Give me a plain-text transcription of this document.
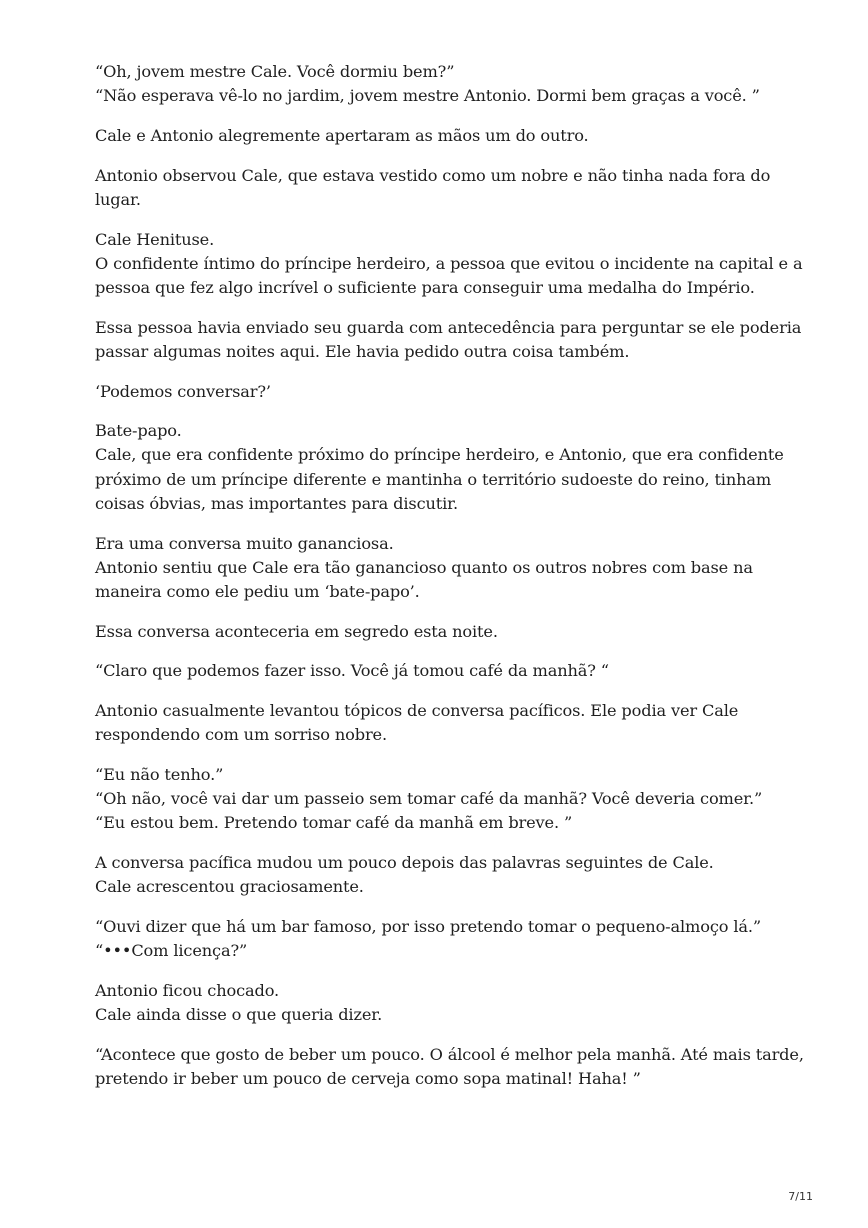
“Oh, jovem mestre Cale. Você dormiu bem?”
“Não esperava vê-lo no jardim, jovem mestre Antonio. Dormi bem graças a você. ”

Cale e Antonio alegremente apertaram as mãos um do outro.

Antonio observou Cale, que estava vestido como um nobre e não tinha nada fora do
lugar.

Cale Henituse.
O confidente íntimo do príncipe herdeiro, a pessoa que evitou o incidente na capital e a
pessoa que fez algo incrível o suficiente para conseguir uma medalha do Império.

Essa pessoa havia enviado seu guarda com antecedência para perguntar se ele poderia
passar algumas noites aqui. Ele havia pedido outra coisa também.

‘Podemos conversar?’

Bate-papo.
Cale, que era confidente próximo do príncipe herdeiro, e Antonio, que era confidente
próximo de um príncipe diferente e mantinha o território sudoeste do reino, tinham
coisas óbvias, mas importantes para discutir.

Era uma conversa muito gananciosa.
Antonio sentiu que Cale era tão ganancioso quanto os outros nobres com base na
maneira como ele pediu um ‘bate-papo’.

Essa conversa aconteceria em segredo esta noite.

“Claro que podemos fazer isso. Você já tomou café da manhã? “

Antonio casualmente levantou tópicos de conversa pacíficos. Ele podia ver Cale
respondendo com um sorriso nobre.

“Eu não tenho.”
“Oh não, você vai dar um passeio sem tomar café da manhã? Você deveria comer.”
“Eu estou bem. Pretendo tomar café da manhã em breve. ”

A conversa pacífica mudou um pouco depois das palavras seguintes de Cale.
Cale acrescentou graciosamente.

“Ouvi dizer que há um bar famoso, por isso pretendo tomar o pequeno-almoço lá.”
“•••Com licença?”

Antonio ficou chocado.
Cale ainda disse o que queria dizer.

“Acontece que gosto de beber um pouco. O álcool é melhor pela manhã. Até mais tarde,
pretendo ir beber um pouco de cerveja como sopa matinal! Haha! ”

7/11
